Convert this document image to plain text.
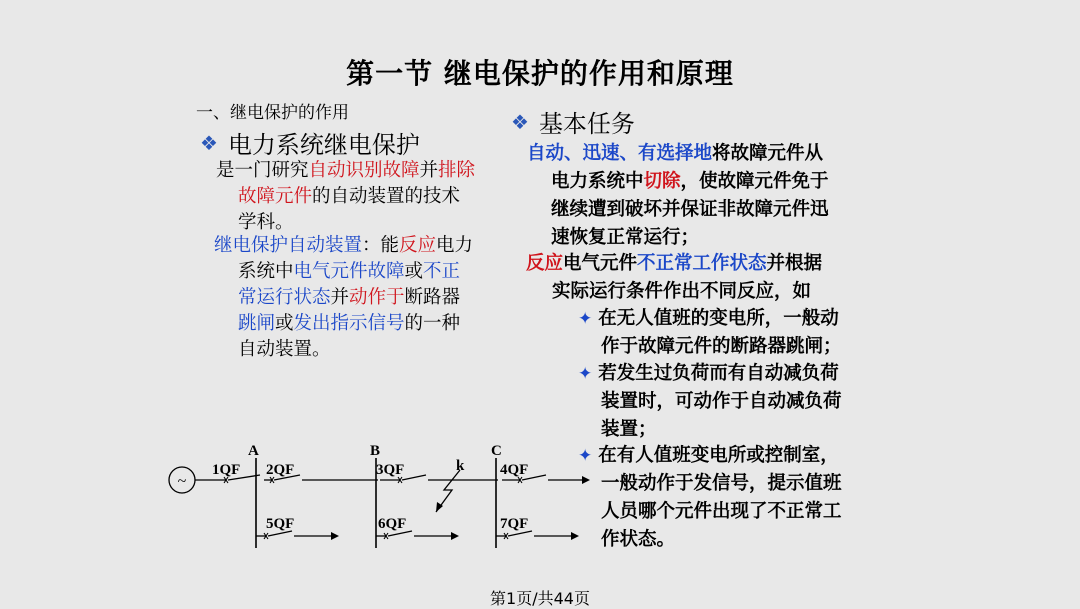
第一节 继电保护的作用和原理
一、继电保护的作用
❖ 电力系统继电保护
是一门研究自动识别故障并排除
故障元件的自动装置的技术
学科。
继电保护自动装置：能反应电力
系统中电气元件故障或不正
常运行状态并动作于断路器
跳闸或发出指示信号的一种
自动装置。
❖ 基本任务
自动、迅速、有选择地将故障元件从
电力系统中切除，使故障元件免于
继续遭到破坏并保证非故障元件迅
速恢复正常运行；
反应电气元件不正常工作状态并根据
实际运行条件作出不同反应，如
✦ 在无人值班的变电所，一般动
作于故障元件的断路器跳闸；
✦ 若发生过负荷而有自动减负荷
装置时，可动作于自动减负荷
装置；
✦ 在有人值班变电所或控制室，
一般动作于发信号，提示值班
人员哪个元件出现了不正常工
作状态。
~
A	B	C
1QF 2QF	3QF	4QF
5QF	6QF	7QF
k
第1页/共44页
